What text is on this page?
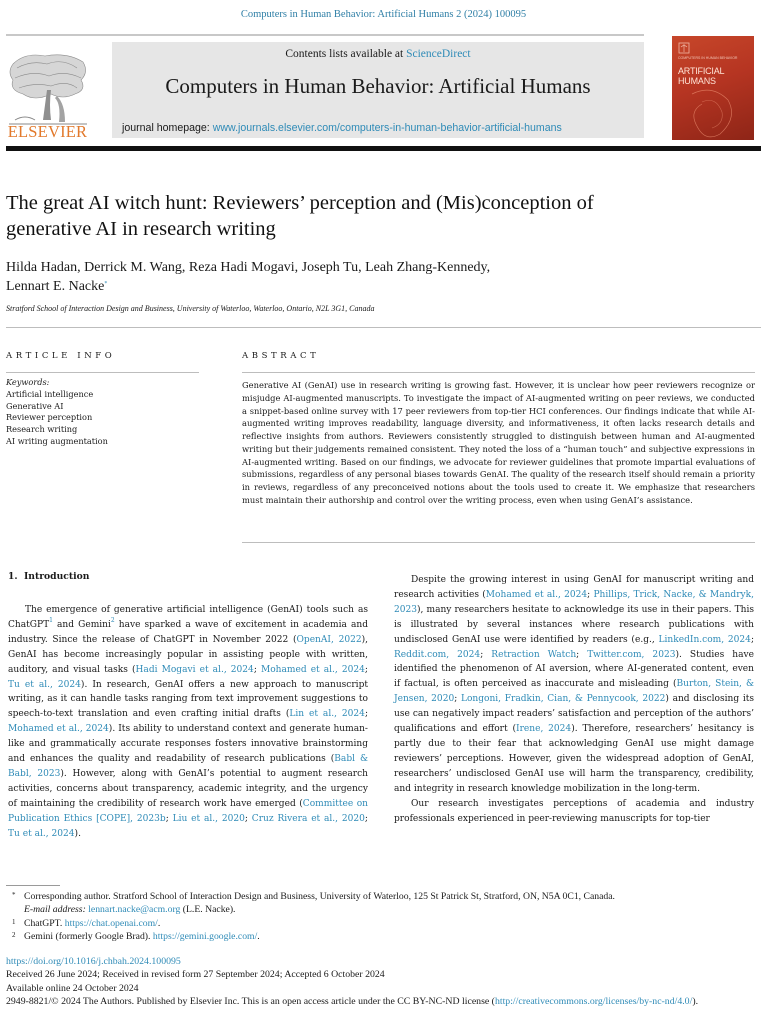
Computers in Human Behavior: Artificial Humans 2 (2024) 100095
ELSEVIER
Contents lists available at ScienceDirect
Computers in Human Behavior: Artificial Humans
journal homepage: www.journals.elsevier.com/computers-in-human-behavior-artificial-humans
COMPUTERS IN HUMAN BEHAVIOR
ARTIFICIAL
HUMANS
The great AI witch hunt: Reviewers’ perception and (Mis)conception of
generative AI in research writing
Hilda Hadan, Derrick M. Wang, Reza Hadi Mogavi, Joseph Tu, Leah Zhang-Kennedy,
Lennart E. Nacke*
Stratford School of Interaction Design and Business, University of Waterloo, Waterloo, Ontario, N2L 3G1, Canada
ARTICLE INFO	ABSTRACT
Keywords:
Artificial intelligence
Generative AI
Reviewer perception
Research writing
AI writing augmentation
Generative AI (GenAI) use in research writing is growing fast. However, it is unclear how peer reviewers recognize or misjudge AI-augmented manuscripts. To investigate the impact of AI-augmented writing on peer reviews, we conducted a snippet-based online survey with 17 peer reviewers from top-tier HCI conferences. Our findings indicate that while AI-augmented writing improves readability, language diversity, and informativeness, it often lacks research details and reflective insights from authors. Reviewers consistently struggled to distinguish between human and AI-augmented writing but their judgements remained consistent. They noted the loss of a “human touch” and subjective expressions in AI-augmented writing. Based on our findings, we advocate for reviewer guidelines that promote impartial evaluations of submissions, regardless of any personal biases towards GenAI. The quality of the research itself should remain a priority in reviews, regardless of any preconceived notions about the tools used to create it. We emphasize that researchers must maintain their authorship and control over the writing process, even when using GenAI’s assistance.
1.  Introduction

The emergence of generative artificial intelligence (GenAI) tools such as ChatGPT$^1$ and Gemini$^2$ have sparked a wave of excitement in academia and industry. Since the release of ChatGPT in November 2022 (OpenAI, 2022), GenAI has become increasingly popular in assisting people with written, auditory, and visual tasks (Hadi Mogavi et al., 2024; Mohamed et al., 2024; Tu et al., 2024). In research, GenAI offers a new approach to manuscript writing, as it can handle tasks ranging from text improvement suggestions to speech-to-text translation and even crafting initial drafts (Lin et al., 2024; Mohamed et al., 2024). Its ability to understand context and generate human-like and grammatically accurate responses fosters innovative brainstorming and enhances the quality and readability of research publications (Babl & Babl, 2023). However, along with GenAI’s potential to augment research activities, concerns about transparency, academic integrity, and the urgency of maintaining the credibility of research work have emerged (Committee on Publication Ethics [COPE], 2023b; Liu et al., 2020; Cruz Rivera et al., 2020; Tu et al., 2024).

Despite the growing interest in using GenAI for manuscript writing and research activities (Mohamed et al., 2024; Phillips, Trick, Nacke, & Mandryk, 2023), many researchers hesitate to acknowledge its use in their papers. This is illustrated by several instances where research publications with undisclosed GenAI use were identified by readers (e.g., LinkedIn.com, 2024; Reddit.com, 2024; Retraction Watch; Twitter.com, 2023). Studies have identified the phenomenon of AI aversion, where AI-generated content, even if factual, is often perceived as inaccurate and misleading (Burton, Stein, & Jensen, 2020; Longoni, Fradkin, Cian, & Pennycook, 2022) and disclosing its use can negatively impact readers’ satisfaction and perception of the authors’ qualifications and effort (Irene, 2024). Therefore, researchers’ hesitancy is partly due to their fear that acknowledging GenAI use might damage reviewers’ perceptions. However, given the widespread adoption of GenAI, researchers’ undisclosed GenAI use will harm the transparency, credibility, and integrity in research knowledge mobilization in the long-term.

Our research investigates perceptions of academia and industry professionals experienced in peer-reviewing manuscripts for top-tier

* Corresponding author. Stratford School of Interaction Design and Business, University of Waterloo, 125 St Patrick St, Stratford, ON, N5A 0C1, Canada.
E-mail address: lennart.nacke@acm.org (L.E. Nacke).
1 ChatGPT. https://chat.openai.com/.
2 Gemini (formerly Google Brad). https://gemini.google.com/.
https://doi.org/10.1016/j.chbah.2024.100095
Received 26 June 2024; Received in revised form 27 September 2024; Accepted 6 October 2024
Available online 24 October 2024
2949-8821/© 2024 The Authors. Published by Elsevier Inc. This is an open access article under the CC BY-NC-ND license (http://creativecommons.org/licenses/by-nc-nd/4.0/).
